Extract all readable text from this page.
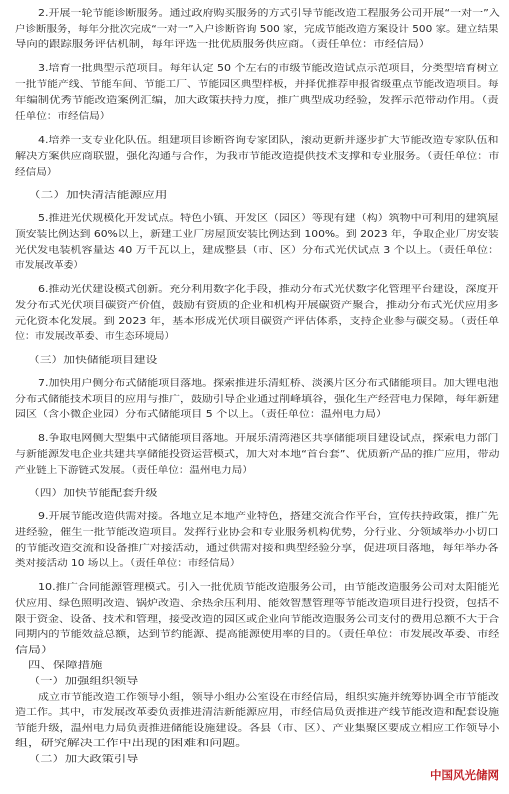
2.开展一轮节能诊断服务。通过政府购买服务的方式引导节能改造工程服务公司开展“一对一”入
户诊断服务，每年分批次完成“一对一”入户诊断咨询 500 家，完成节能改造方案设计 500 家。建立结果
导向的跟踪服务评估机制，每年评选一批优质服务供应商。（责任单位：市经信局）
3.培育一批典型示范项目。每年认定 50 个左右的市级节能改造试点示范项目，分类型培育树立
一批节能产线、节能车间、节能工厂、节能园区典型样板，并择优推荐申报省级重点节能改造项目。每
年编制优秀节能改造案例汇编，加大政策扶持力度，推广典型成功经验，发挥示范带动作用。（责
任单位：市经信局）
4.培养一支专业化队伍。组建项目诊断咨询专家团队，滚动更新并逐步扩大节能改造专家队伍和
解决方案供应商联盟，强化沟通与合作，为我市节能改造提供技术支撑和专业服务。（责任单位：市
经信局）
（二）加快清洁能源应用
5.推进光伏规模化开发试点。特色小镇、开发区（园区）等现有建（构）筑物中可利用的建筑屋
顶安装比例达到 60%以上，新建工业厂房屋顶安装比例达到 100%。到 2023 年，争取企业厂房安装
光伏发电装机容量达 40 万千瓦以上，建成整县（市、区）分布式光伏试点 3 个以上。（责任单位：
市发展改革委）
6.推动光伏建设模式创新。充分利用数字化手段，推动分布式光伏数字化管理平台建设，深度开
发分布式光伏项目碳资产价值，鼓励有资质的企业和机构开展碳资产聚合，推动分布式光伏应用多
元化资本化发展。到 2023 年，基本形成光伏项目碳资产评估体系，支持企业参与碳交易。（责任单
位：市发展改革委、市生态环境局）
（三）加快储能项目建设
7.加快用户侧分布式储能项目落地。探索推进乐清虹桥、淡溪片区分布式储能项目。加大锂电池
分布式储能技术项目的应用与推广，鼓励引导企业通过削峰填谷，强化生产经营电力保障，每年新建
园区（含小微企业园）分布式储能项目 5 个以上。（责任单位：温州电力局）
8.争取电网侧大型集中式储能项目落地。开展乐清湾港区共享储能项目建设试点，探索电力部门
与新能源发电企业共建共享储能投资运营模式，加大对本地“首台套”、优质新产品的推广应用，带动
产业链上下游链式发展。（责任单位：温州电力局）
（四）加快节能配套升级
9.开展节能改造供需对接。各地立足本地产业特色，搭建交流合作平台，宣传扶持政策，推广先
进经验，催生一批节能改造项目。发挥行业协会和专业服务机构优势，分行业、分领域举办小切口
的节能改造交流和设备推广对接活动，通过供需对接和典型经验分享，促进项目落地，每年举办各
类对接活动 10 场以上。（责任单位：市经信局）
10.推广合同能源管理模式。引入一批优质节能改造服务公司，由节能改造服务公司对太阳能光
伏应用、绿色照明改造、锅炉改造、余热余压利用、能效智慧管理等节能改造项目进行投资，包括不
限于资金、设备、技术和管理，接受改造的园区或企业向节能改造服务公司支付的费用总额不大于合
同期内的节能效益总额，达到节约能源、提高能源使用率的目的。（责任单位：市发展改革委、市经
信局）
四、保障措施
（一）加强组织领导
成立市节能改造工作领导小组，领导小组办公室设在市经信局，组织实施并统筹协调全市节能改
造工作。其中，市发展改革委负责推进清洁新能源应用，市经信局负责推进产线节能改造和配套设施
节能升级，温州电力局负责推进储能设施建设。各县（市、区）、产业集聚区要成立相应工作领导小
组，研究解决工作中出现的困难和问题。
（二）加大政策引导
中国风光储网
